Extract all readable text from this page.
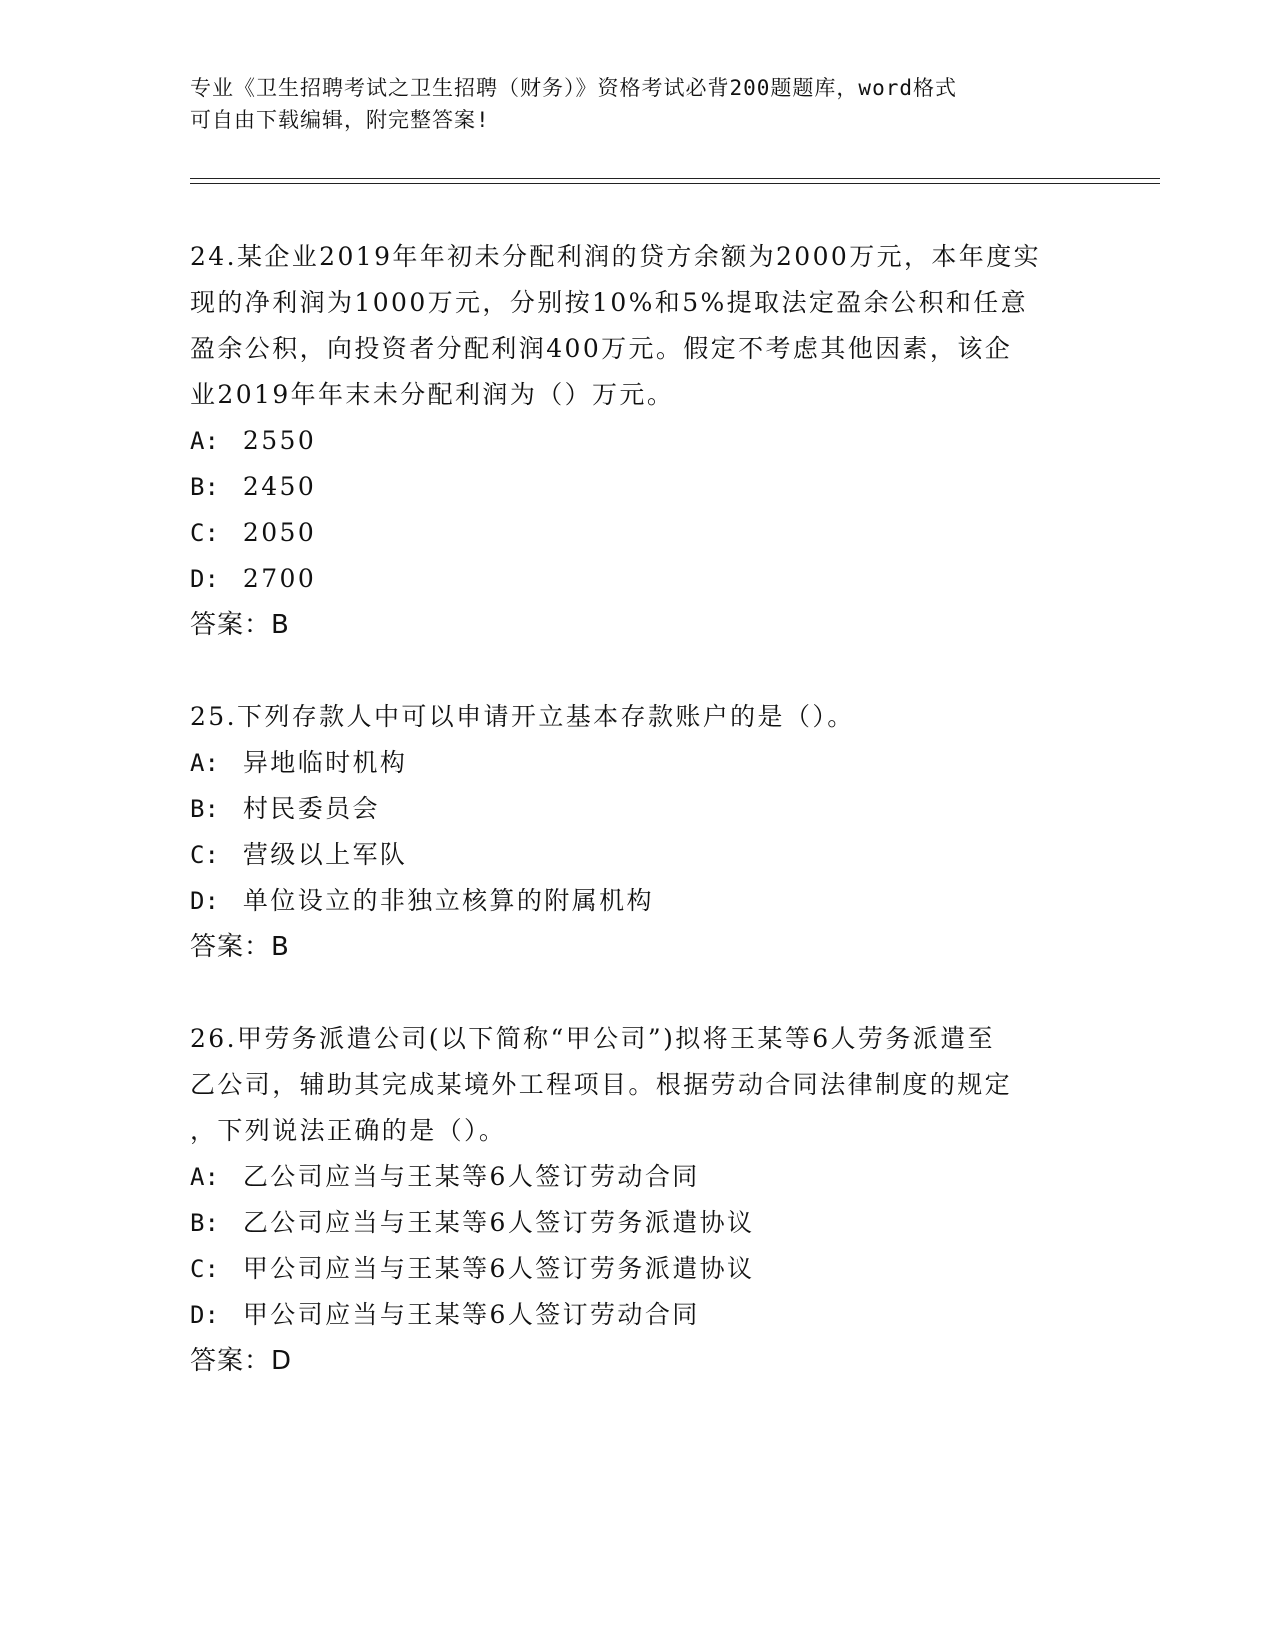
专业《卫生招聘考试之卫生招聘（财务）》资格考试必背200题题库，word格式
可自由下载编辑，附完整答案!
24.某企业2019年年初未分配利润的贷方余额为2000万元，本年度实
现的净利润为1000万元，分别按10%和5%提取法定盈余公积和任意
盈余公积，向投资者分配利润400万元。假定不考虑其他因素，该企
业2019年年末未分配利润为（）万元。
A: 2550
B: 2450
C: 2050
D: 2700
答案：B
25.下列存款人中可以申请开立基本存款账户的是（）。
A: 异地临时机构
B: 村民委员会
C: 营级以上军队
D: 单位设立的非独立核算的附属机构
答案：B
26.甲劳务派遣公司(以下简称“甲公司”)拟将王某等6人劳务派遣至
乙公司，辅助其完成某境外工程项目。根据劳动合同法律制度的规定
，下列说法正确的是（）。
A: 乙公司应当与王某等6人签订劳动合同
B: 乙公司应当与王某等6人签订劳务派遣协议
C: 甲公司应当与王某等6人签订劳务派遣协议
D: 甲公司应当与王某等6人签订劳动合同
答案：D
